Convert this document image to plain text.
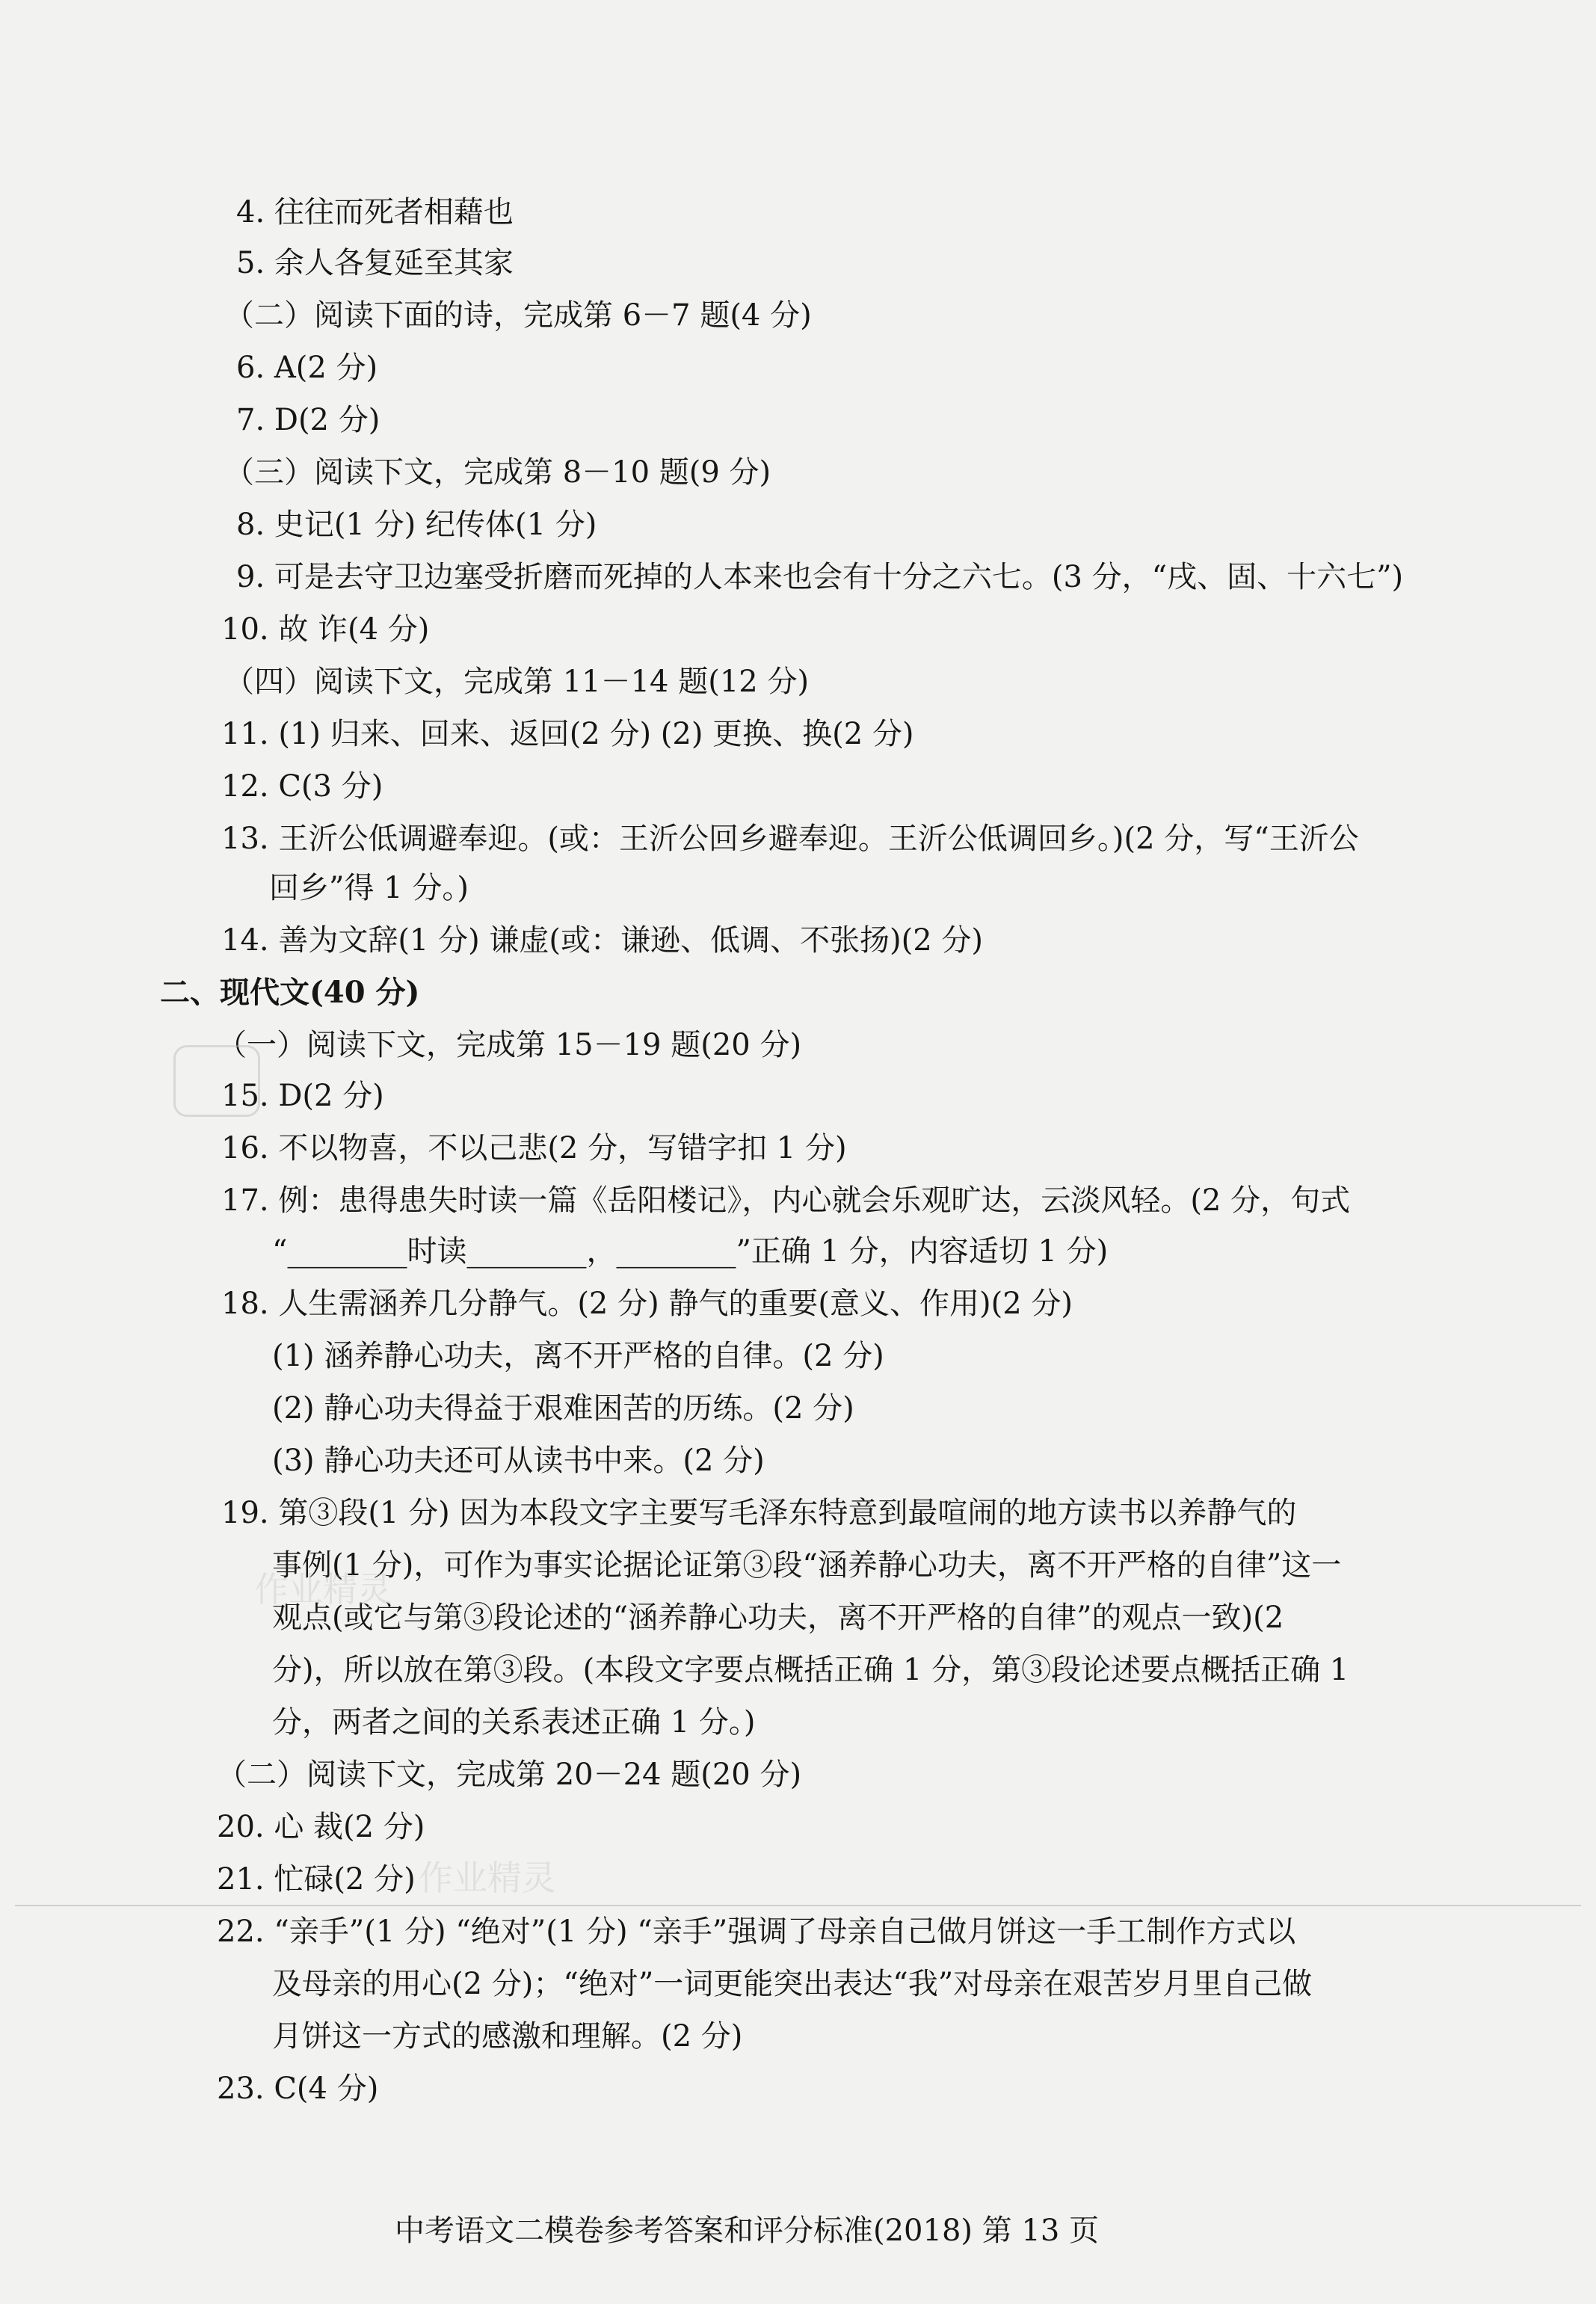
4. 往往而死者相藉也
5. 余人各复延至其家
（二）阅读下面的诗，完成第 6－7 题(4 分)
6. A(2 分)
7. D(2 分)
（三）阅读下文，完成第 8－10 题(9 分)
8. 史记(1 分) 纪传体(1 分)
9. 可是去守卫边塞受折磨而死掉的人本来也会有十分之六七。(3 分，“戌、固、十六七”)
10. 故 诈(4 分)
（四）阅读下文，完成第 11－14 题(12 分)
11. (1) 归来、回来、返回(2 分) (2) 更换、换(2 分)
12. C(3 分)
13. 王沂公低调避奉迎。(或：王沂公回乡避奉迎。王沂公低调回乡。)(2 分，写“王沂公
回乡”得 1 分。)
14. 善为文辞(1 分) 谦虚(或：谦逊、低调、不张扬)(2 分)
二、现代文(40 分)
（一）阅读下文，完成第 15－19 题(20 分)
15. D(2 分)
16. 不以物喜，不以己悲(2 分，写错字扣 1 分)
17. 例：患得患失时读一篇《岳阳楼记》，内心就会乐观旷达，云淡风轻。(2 分，句式
“________时读________，________”正确 1 分，内容适切 1 分)
18. 人生需涵养几分静气。(2 分) 静气的重要(意义、作用)(2 分)
(1) 涵养静心功夫，离不开严格的自律。(2 分)
(2) 静心功夫得益于艰难困苦的历练。(2 分)
(3) 静心功夫还可从读书中来。(2 分)
19. 第③段(1 分) 因为本段文字主要写毛泽东特意到最喧闹的地方读书以养静气的
事例(1 分)，可作为事实论据论证第③段“涵养静心功夫，离不开严格的自律”这一
观点(或它与第③段论述的“涵养静心功夫，离不开严格的自律”的观点一致)(2
分)，所以放在第③段。(本段文字要点概括正确 1 分，第③段论述要点概括正确 1
分，两者之间的关系表述正确 1 分。)
（二）阅读下文，完成第 20－24 题(20 分)
20. 心 裁(2 分)
21. 忙碌(2 分)
22. “亲手”(1 分) “绝对”(1 分) “亲手”强调了母亲自己做月饼这一手工制作方式以
及母亲的用心(2 分)；“绝对”一词更能突出表达“我”对母亲在艰苦岁月里自己做
月饼这一方式的感激和理解。(2 分)
23. C(4 分)
作业精灵
作业精灵
中考语文二模卷参考答案和评分标准(2018) 第 13 页
